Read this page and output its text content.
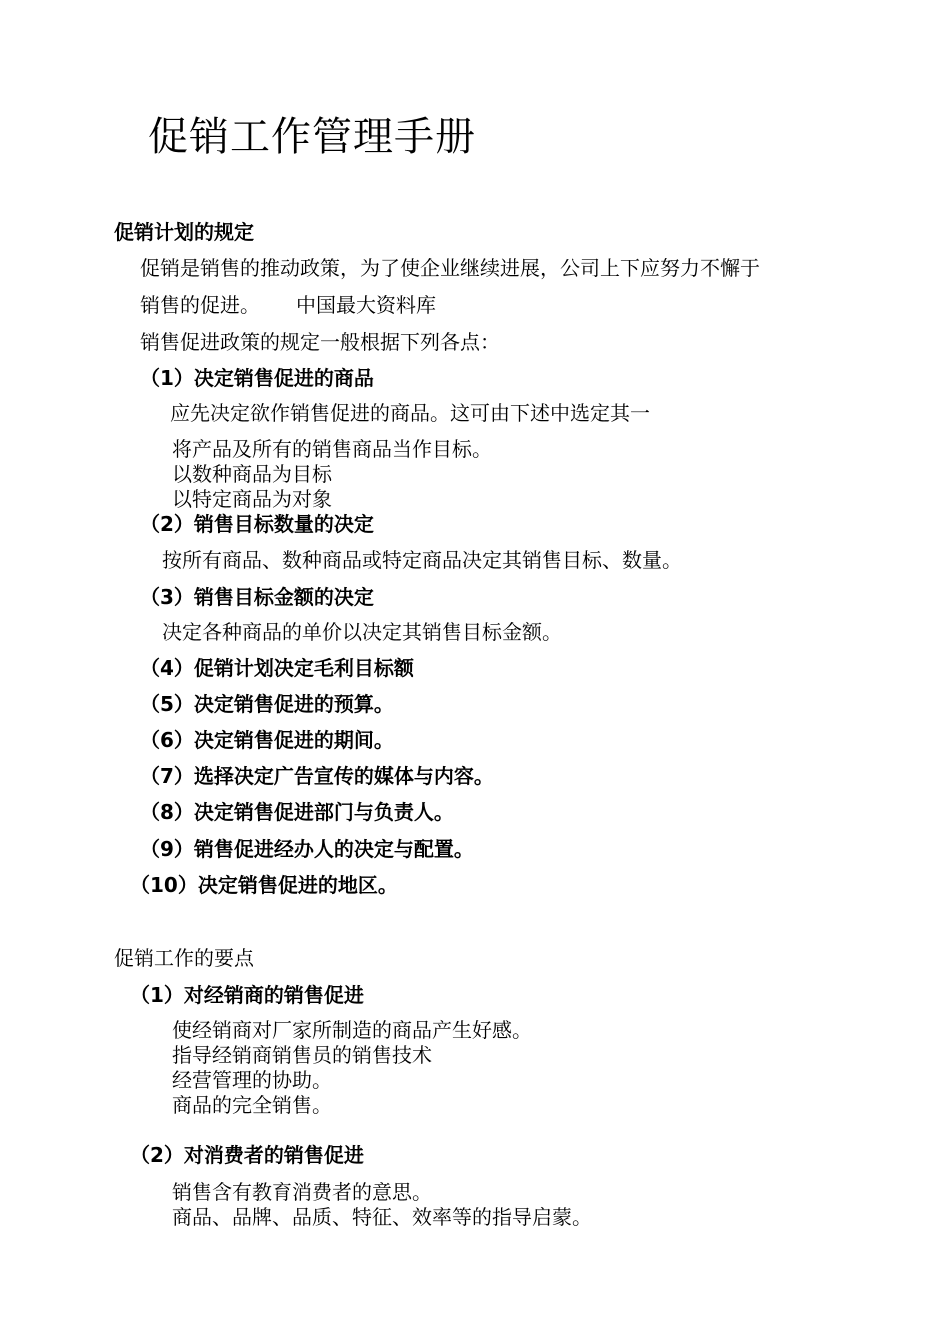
促销工作管理手册
促销计划的规定
促销是销售的推动政策，为了使企业继续进展，公司上下应努力不懈于
销售的促进。 中国最大资料库
销售促进政策的规定一般根据下列各点：
（1）决定销售促进的商品
应先决定欲作销售促进的商品。这可由下述中选定其一
将产品及所有的销售商品当作目标。
以数种商品为目标
以特定商品为对象
（2）销售目标数量的决定
按所有商品、数种商品或特定商品决定其销售目标、数量。
（3）销售目标金额的决定
决定各种商品的单价以决定其销售目标金额。
（4）促销计划决定毛利目标额
（5）决定销售促进的预算。
（6）决定销售促进的期间。
（7）选择决定广告宣传的媒体与内容。
（8）决定销售促进部门与负责人。
（9）销售促进经办人的决定与配置。
（10）决定销售促进的地区。
促销工作的要点
（1）对经销商的销售促进
使经销商对厂家所制造的商品产生好感。
指导经销商销售员的销售技术
经营管理的协助。
商品的完全销售。
（2）对消费者的销售促进
销售含有教育消费者的意思。
商品、品牌、品质、特征、效率等的指导启蒙。
